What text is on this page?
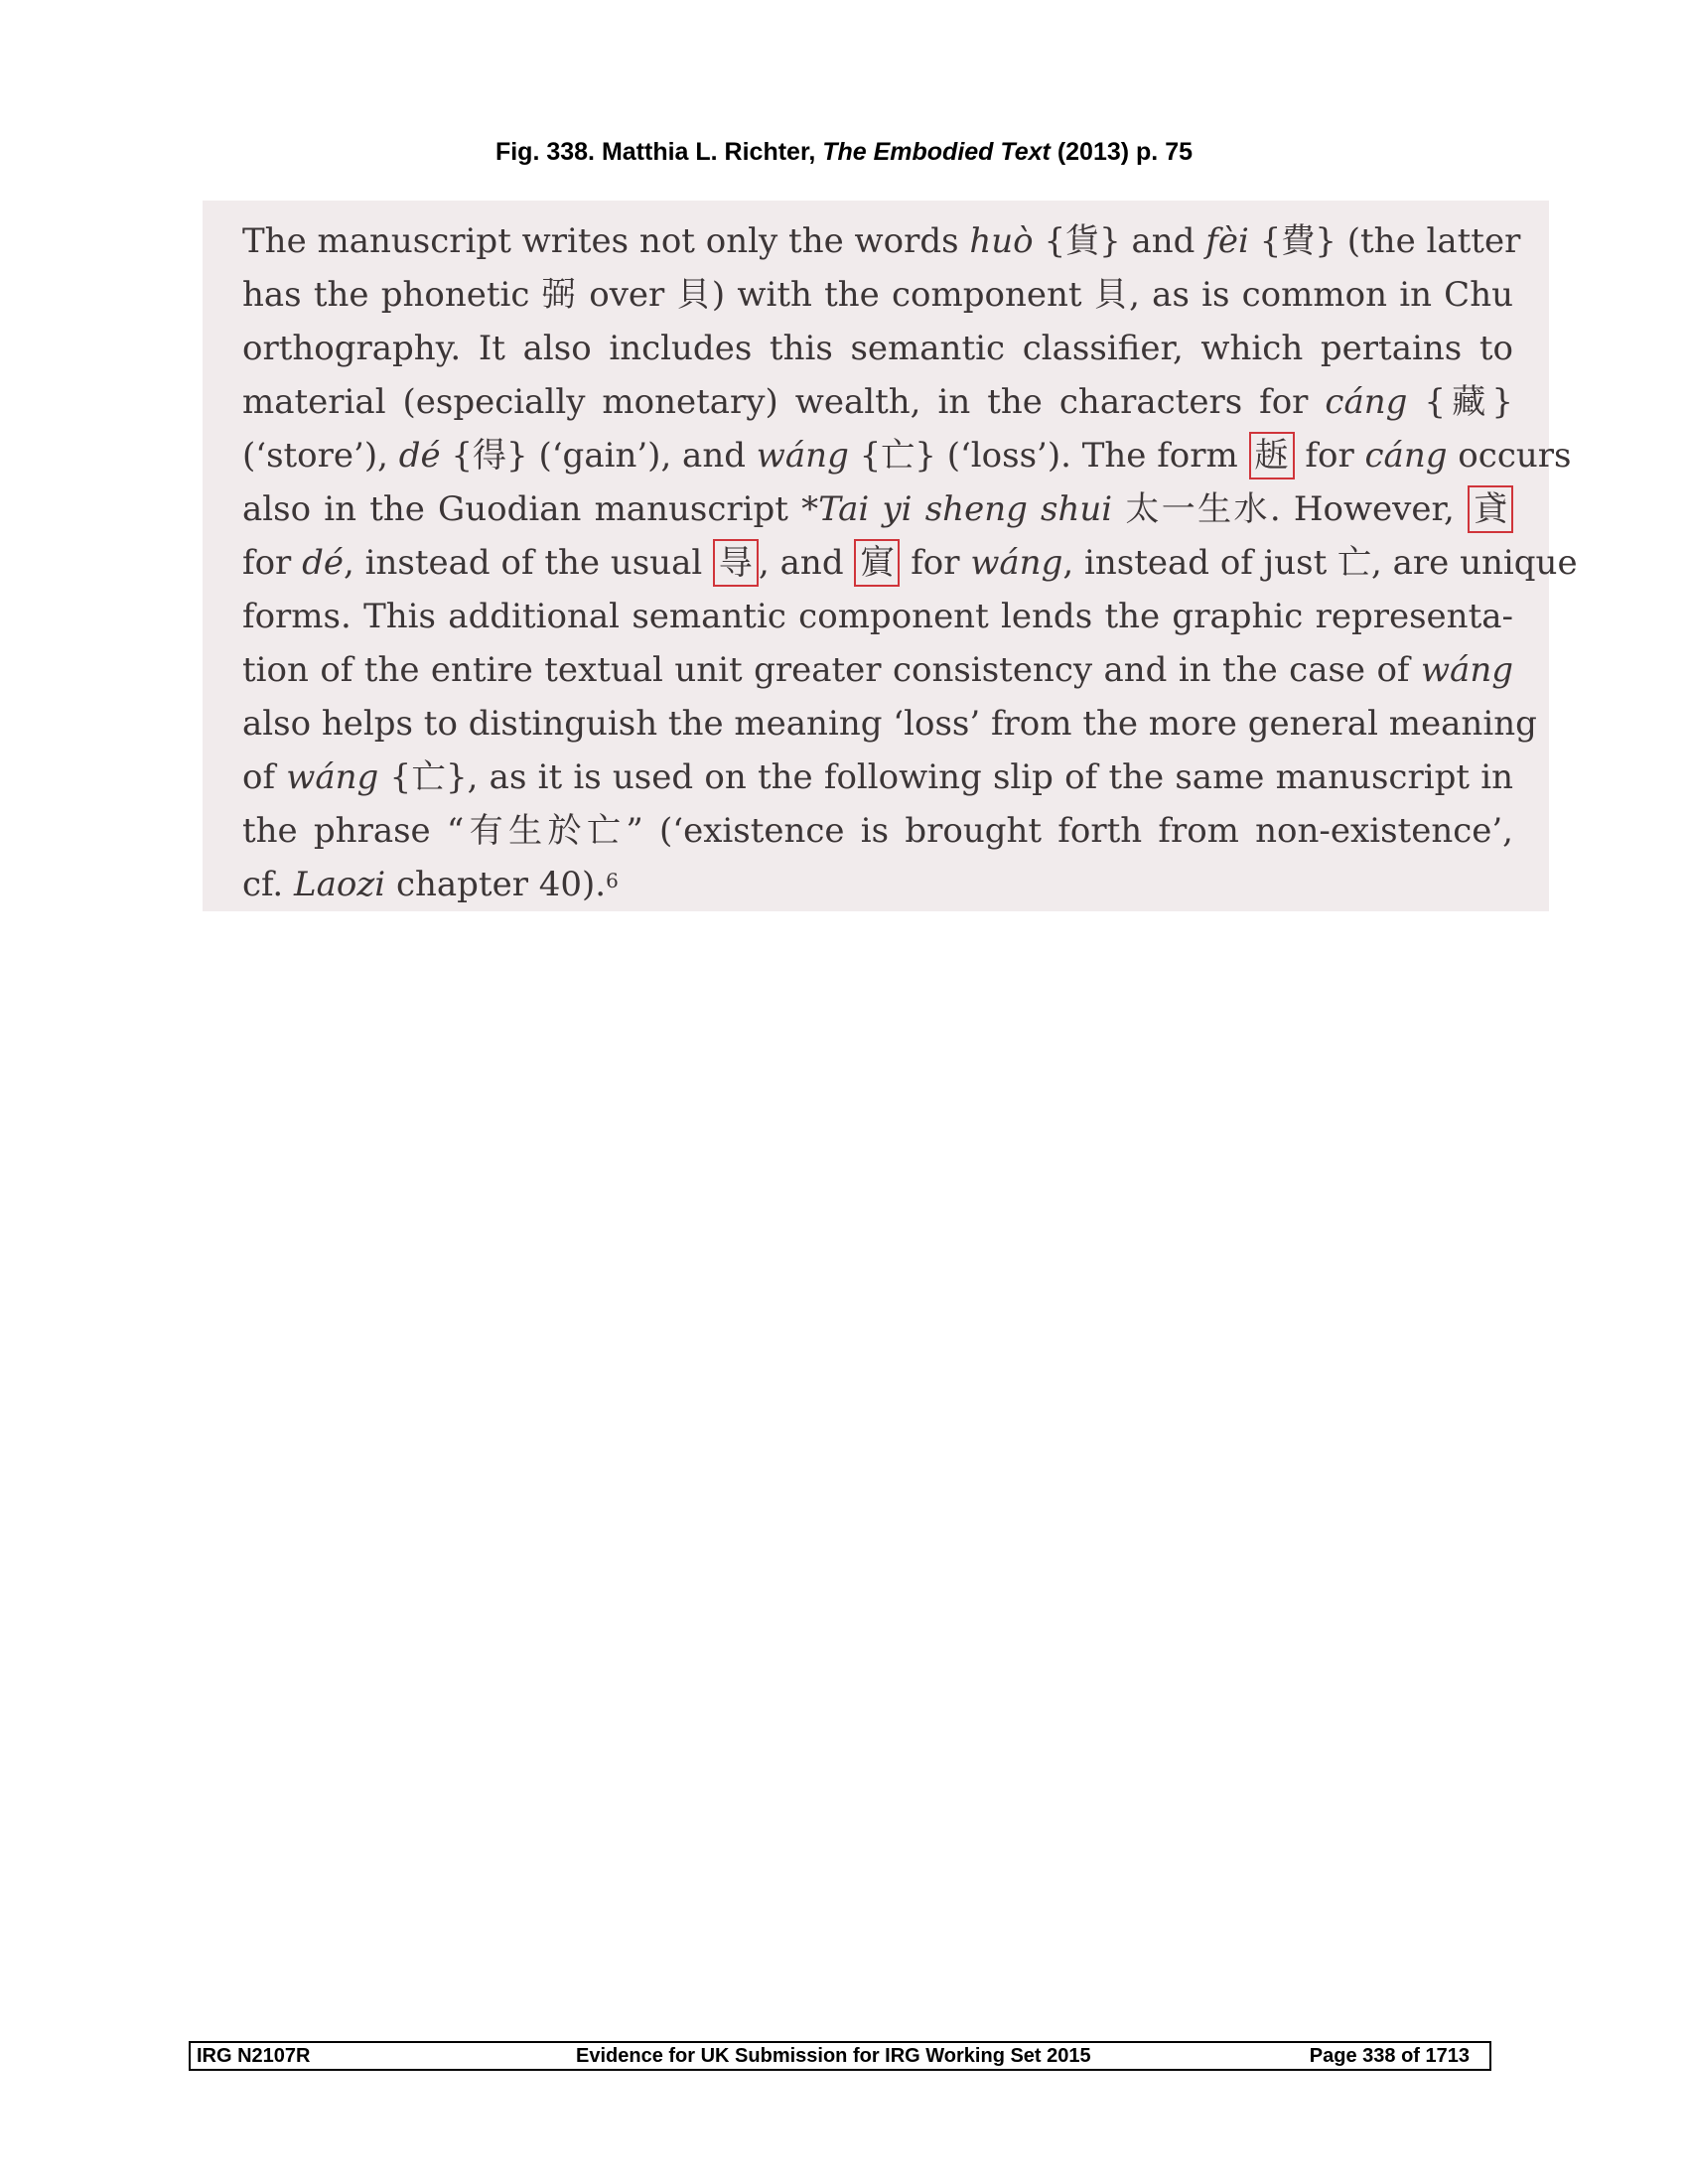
Fig. 338. Matthia L. Richter, The Embodied Text (2013) p. 75
The manuscript writes not only the words huò {貨} and fèi {費} (the latter
has the phonetic 弼 over 貝) with the component 貝, as is common in Chu
orthography. It also includes this semantic classifier, which pertains to
material (especially monetary) wealth, in the characters for cáng {藏}
(‘store’), dé {得} (‘gain’), and wáng {亡} (‘loss’). The form 䞣 for cáng occurs
also in the Guodian manuscript *Tai yi sheng shui 太一生水. However, 貣
for dé, instead of the usual 㝵 , and 賔 for wáng, instead of just 亡, are unique
forms. This additional semantic component lends the graphic representa-
tion of the entire textual unit greater consistency and in the case of wáng
also helps to distinguish the meaning ‘loss’ from the more general meaning
of wáng {亡}, as it is used on the following slip of the same manuscript in
the phrase “有生於亡” (‘existence is brought forth from non-existence’,
cf. Laozi chapter 40).$^6$
IRG N2107R	Evidence for UK Submission for IRG Working Set 2015	Page 338 of 1713
